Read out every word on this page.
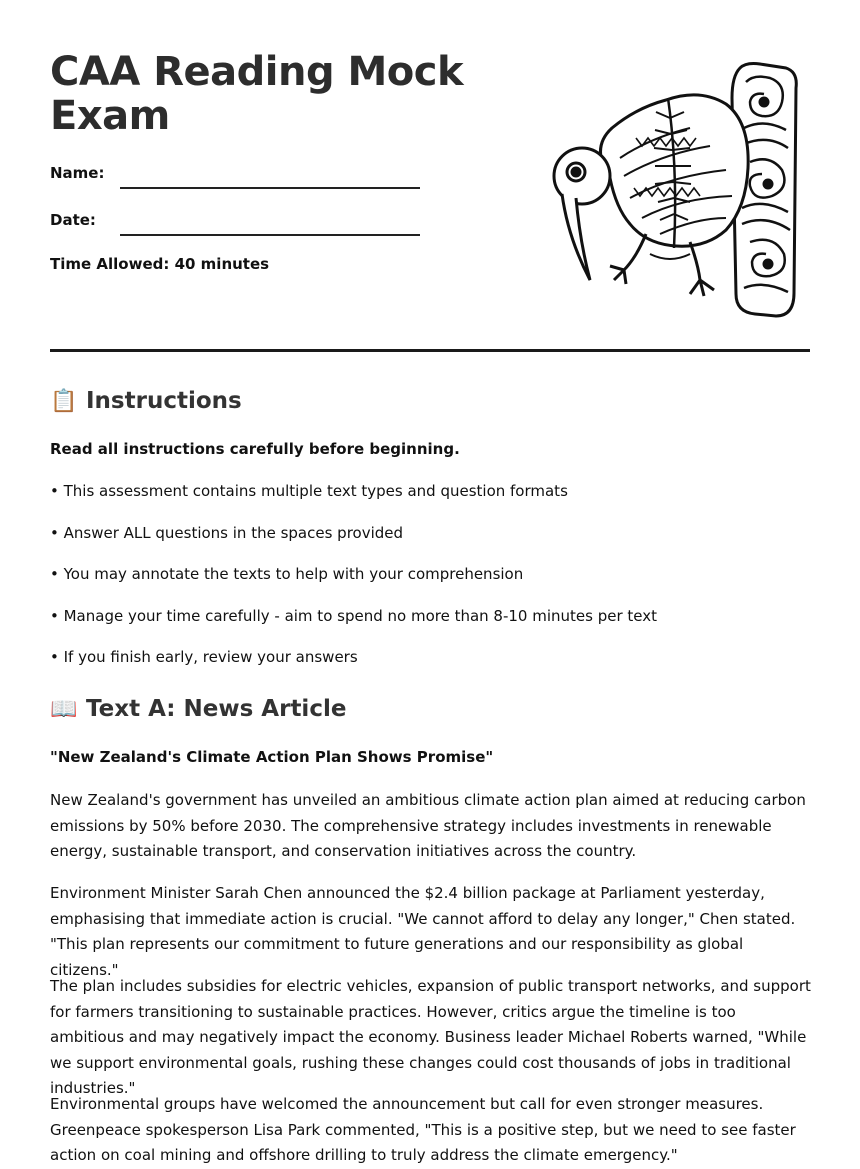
CAA Reading Mock Exam
Name:
Date:
Time Allowed: 40 minutes
📋 Instructions
Read all instructions carefully before beginning.
• This assessment contains multiple text types and question formats
• Answer ALL questions in the spaces provided
• You may annotate the texts to help with your comprehension
• Manage your time carefully - aim to spend no more than 8-10 minutes per text
• If you finish early, review your answers
📖 Text A: News Article
"New Zealand's Climate Action Plan Shows Promise"
New Zealand's government has unveiled an ambitious climate action plan aimed at reducing carbon emissions by 50% before 2030. The comprehensive strategy includes investments in renewable energy, sustainable transport, and conservation initiatives across the country.
Environment Minister Sarah Chen announced the $2.4 billion package at Parliament yesterday, emphasising that immediate action is crucial. "We cannot afford to delay any longer," Chen stated. "This plan represents our commitment to future generations and our responsibility as global citizens."
The plan includes subsidies for electric vehicles, expansion of public transport networks, and support for farmers transitioning to sustainable practices. However, critics argue the timeline is too ambitious and may negatively impact the economy. Business leader Michael Roberts warned, "While we support environmental goals, rushing these changes could cost thousands of jobs in traditional industries."
Environmental groups have welcomed the announcement but call for even stronger measures. Greenpeace spokesperson Lisa Park commented, "This is a positive step, but we need to see faster action on coal mining and offshore drilling to truly address the climate emergency."
